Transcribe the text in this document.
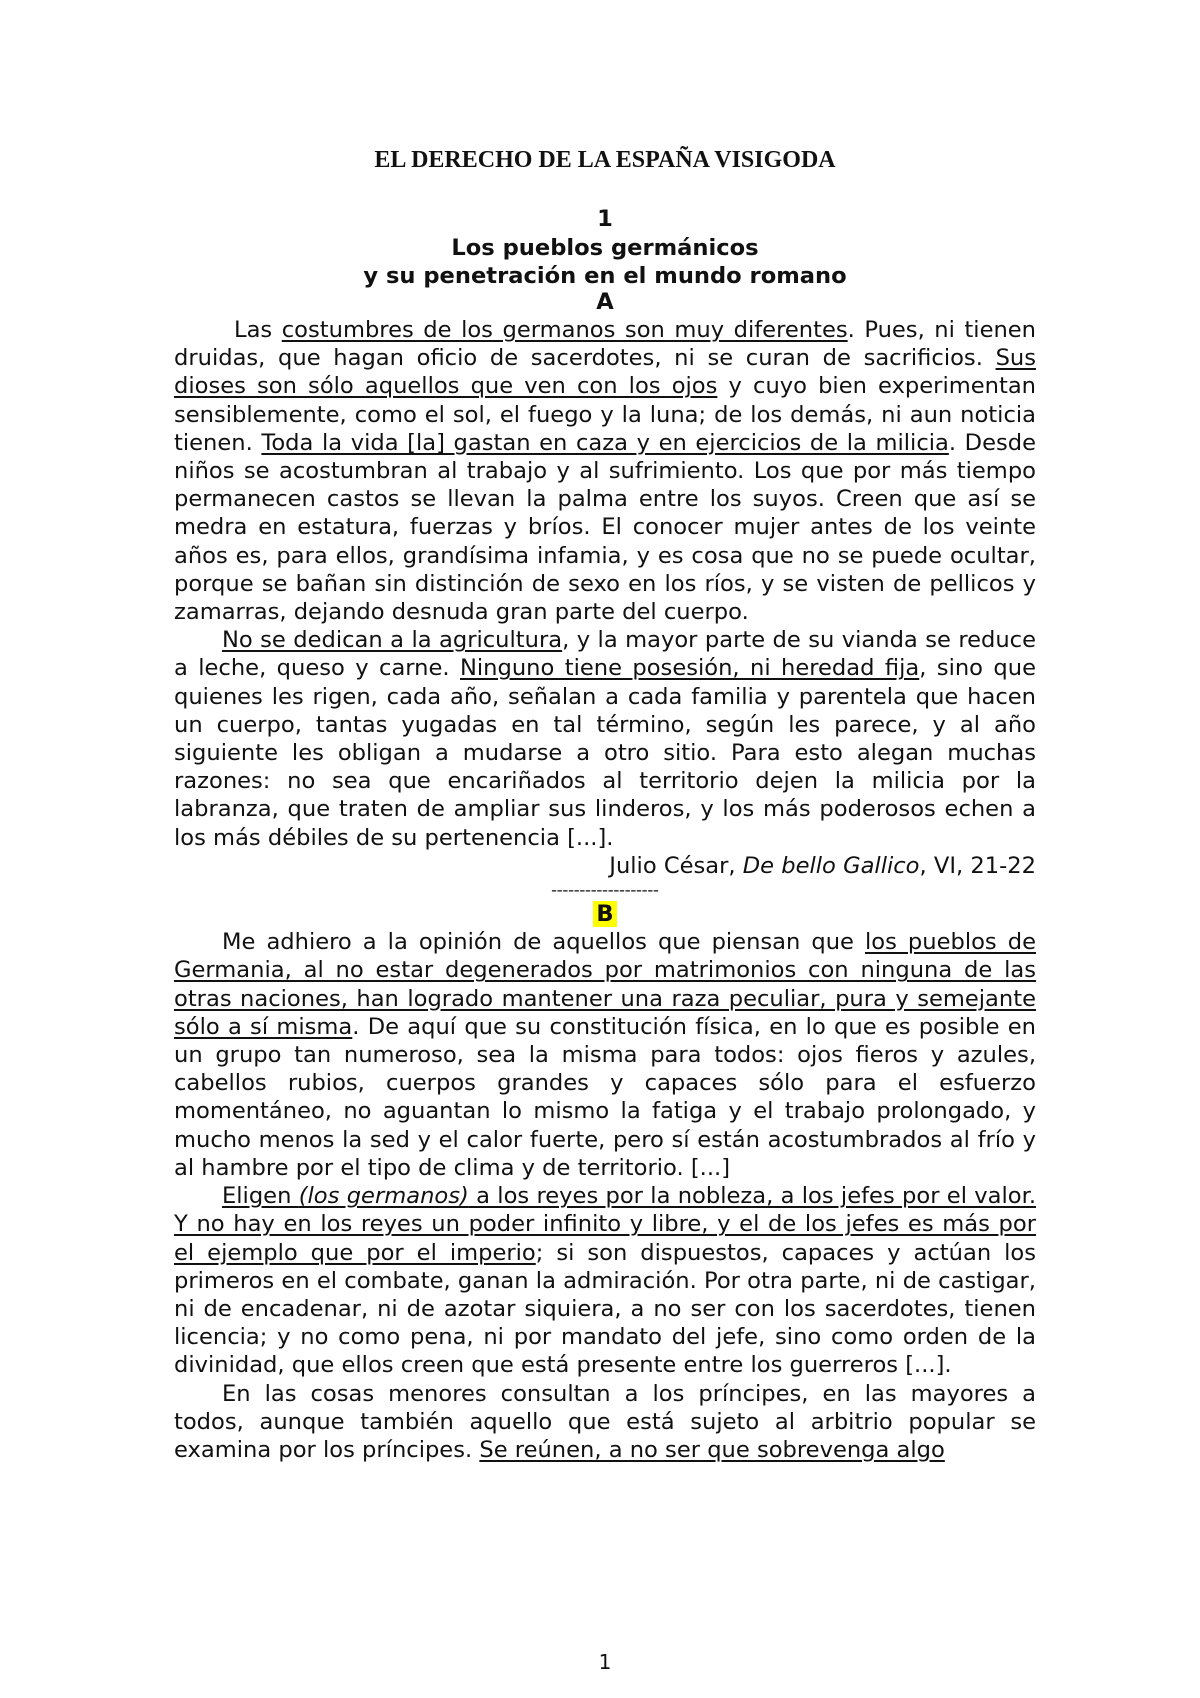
EL DERECHO DE LA ESPAÑA VISIGODA
1
Los pueblos germánicos
y su penetración en el mundo romano
A

Las costumbres de los germanos son muy diferentes. Pues, ni tienen druidas, que hagan oficio de sacerdotes, ni se curan de sacrificios. Sus dioses son sólo aquellos que ven con los ojos y cuyo bien experimentan sensiblemente, como el sol, el fuego y la luna; de los demás, ni aun noticia tienen. Toda la vida [la] gastan en caza y en ejercicios de la milicia. Desde niños se acostumbran al trabajo y al sufrimiento. Los que por más tiempo permanecen castos se llevan la palma entre los suyos. Creen que así se medra en estatura, fuerzas y bríos. El conocer mujer antes de los veinte años es, para ellos, grandísima infamia, y es cosa que no se puede ocultar, porque se bañan sin distinción de sexo en los ríos, y se visten de pellicos y zamarras, dejando desnuda gran parte del cuerpo.

No se dedican a la agricultura, y la mayor parte de su vianda se reduce a leche, queso y carne. Ninguno tiene posesión, ni heredad fija, sino que quienes les rigen, cada año, señalan a cada familia y parentela que hacen un cuerpo, tantas yugadas en tal término, según les parece, y al año siguiente les obligan a mudarse a otro sitio. Para esto alegan muchas razones: no sea que encariñados al territorio dejen la milicia por la labranza, que traten de ampliar sus linderos, y los más poderosos echen a los más débiles de su pertenencia [...].

Julio César, De bello Gallico, VI, 21-22

-------------------
B

Me adhiero a la opinión de aquellos que piensan que los pueblos de Germania, al no estar degenerados por matrimonios con ninguna de las otras naciones, han logrado mantener una raza peculiar, pura y semejante sólo a sí misma. De aquí que su constitución física, en lo que es posible en un grupo tan numeroso, sea la misma para todos: ojos fieros y azules, cabellos rubios, cuerpos grandes y capaces sólo para el esfuerzo momentáneo, no aguantan lo mismo la fatiga y el trabajo prolongado, y mucho menos la sed y el calor fuerte, pero sí están acostumbrados al frío y al hambre por el tipo de clima y de territorio. [...]

Eligen (los germanos) a los reyes por la nobleza, a los jefes por el valor. Y no hay en los reyes un poder infinito y libre, y el de los jefes es más por el ejemplo que por el imperio; si son dispuestos, capaces y actúan los primeros en el combate, ganan la admiración. Por otra parte, ni de castigar, ni de encadenar, ni de azotar siquiera, a no ser con los sacerdotes, tienen licencia; y no como pena, ni por mandato del jefe, sino como orden de la divinidad, que ellos creen que está presente entre los guerreros [...].

En las cosas menores consultan a los príncipes, en las mayores a todos, aunque también aquello que está sujeto al arbitrio popular se examina por los príncipes. Se reúnen, a no ser que sobrevenga algo

1
